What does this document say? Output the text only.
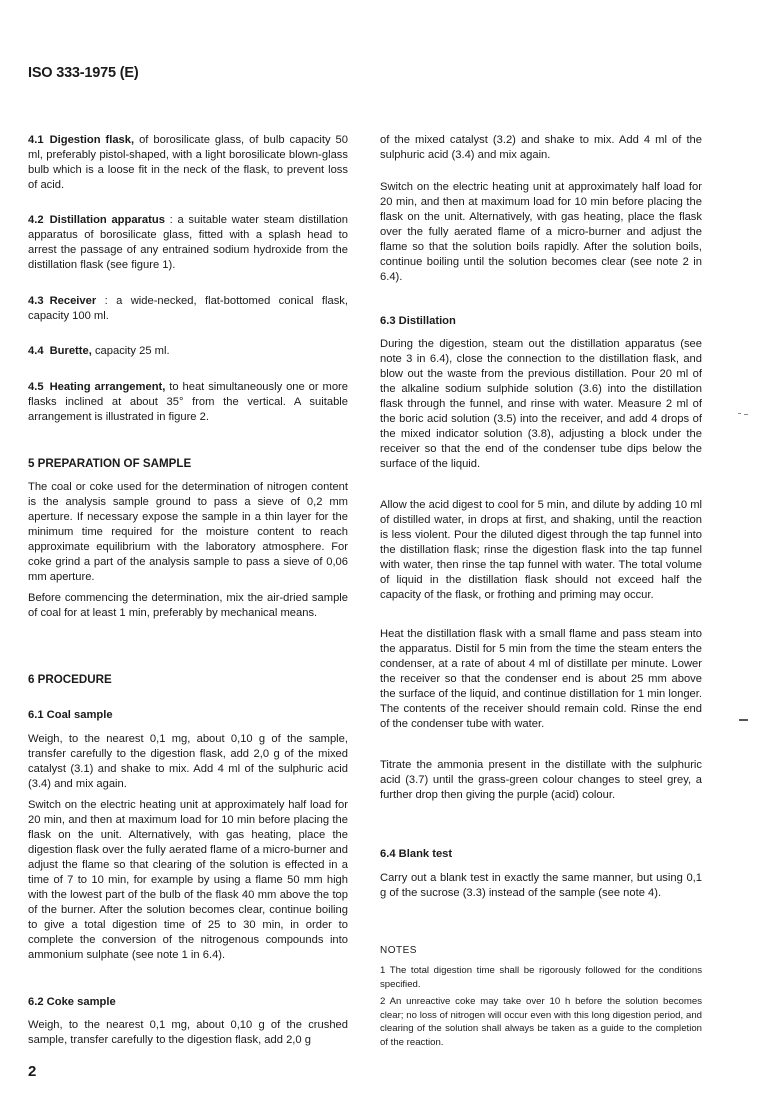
ISO 333-1975 (E)

4.1 Digestion flask, of borosilicate glass, of bulb capacity 50 ml, preferably pistol-shaped, with a light borosilicate blown-glass bulb which is a loose fit in the neck of the flask, to prevent loss of acid.

4.2 Distillation apparatus : a suitable water steam distillation apparatus of borosilicate glass, fitted with a splash head to arrest the passage of any entrained sodium hydroxide from the distillation flask (see figure 1).

4.3 Receiver : a wide-necked, flat-bottomed conical flask, capacity 100 ml.

4.4 Burette, capacity 25 ml.

4.5 Heating arrangement, to heat simultaneously one or more flasks inclined at about 35° from the vertical. A suitable arrangement is illustrated in figure 2.

5 PREPARATION OF SAMPLE

The coal or coke used for the determination of nitrogen content is the analysis sample ground to pass a sieve of 0,2 mm aperture. If necessary expose the sample in a thin layer for the minimum time required for the moisture content to reach approximate equilibrium with the laboratory atmosphere. For coke grind a part of the analysis sample to pass a sieve of 0,06 mm aperture.

Before commencing the determination, mix the air-dried sample of coal for at least 1 min, preferably by mechanical means.

6 PROCEDURE

6.1 Coal sample

Weigh, to the nearest 0,1 mg, about 0,10 g of the sample, transfer carefully to the digestion flask, add 2,0 g of the mixed catalyst (3.1) and shake to mix. Add 4 ml of the sulphuric acid (3.4) and mix again.

Switch on the electric heating unit at approximately half load for 20 min, and then at maximum load for 10 min before placing the flask on the unit. Alternatively, with gas heating, place the digestion flask over the fully aerated flame of a micro-burner and adjust the flame so that clearing of the solution is effected in a time of 7 to 10 min, for example by using a flame 50 mm high with the lowest part of the bulb of the flask 40 mm above the top of the burner. After the solution becomes clear, continue boiling to give a total digestion time of 25 to 30 min, in order to complete the conversion of the nitrogenous compounds into ammonium sulphate (see note 1 in 6.4).

6.2 Coke sample

Weigh, to the nearest 0,1 mg, about 0,10 g of the crushed sample, transfer carefully to the digestion flask, add 2,0 g

of the mixed catalyst (3.2) and shake to mix. Add 4 ml of the sulphuric acid (3.4) and mix again.

Switch on the electric heating unit at approximately half load for 20 min, and then at maximum load for 10 min before placing the flask on the unit. Alternatively, with gas heating, place the flask over the fully aerated flame of a micro-burner and adjust the flame so that the solution boils rapidly. After the solution boils, continue boiling until the solution becomes clear (see note 2 in 6.4).

6.3 Distillation

During the digestion, steam out the distillation apparatus (see note 3 in 6.4), close the connection to the distillation flask, and blow out the waste from the previous distillation. Pour 20 ml of the alkaline sodium sulphide solution (3.6) into the distillation flask through the funnel, and rinse with water. Measure 2 ml of the boric acid solution (3.5) into the receiver, and add 4 drops of the mixed indicator solution (3.8), adjusting a block under the receiver so that the end of the condenser tube dips below the surface of the liquid.

Allow the acid digest to cool for 5 min, and dilute by adding 10 ml of distilled water, in drops at first, and shaking, until the reaction is less violent. Pour the diluted digest through the tap funnel into the distillation flask; rinse the digestion flask into the tap funnel with water, then rinse the tap funnel with water. The total volume of liquid in the distillation flask should not exceed half the capacity of the flask, or frothing and priming may occur.

Heat the distillation flask with a small flame and pass steam into the apparatus. Distil for 5 min from the time the steam enters the condenser, at a rate of about 4 ml of distillate per minute. Lower the receiver so that the condenser end is about 25 mm above the surface of the liquid, and continue distillation for 1 min longer. The contents of the receiver should remain cold. Rinse the end of the condenser tube with water.

Titrate the ammonia present in the distillate with the sulphuric acid (3.7) until the grass-green colour changes to steel grey, a further drop then giving the purple (acid) colour.

6.4 Blank test

Carry out a blank test in exactly the same manner, but using 0,1 g of the sucrose (3.3) instead of the sample (see note 4).

NOTES

1 The total digestion time shall be rigorously followed for the conditions specified.

2 An unreactive coke may take over 10 h before the solution becomes clear; no loss of nitrogen will occur even with this long digestion period, and clearing of the solution shall always be taken as a guide to the completion of the reaction.

2
